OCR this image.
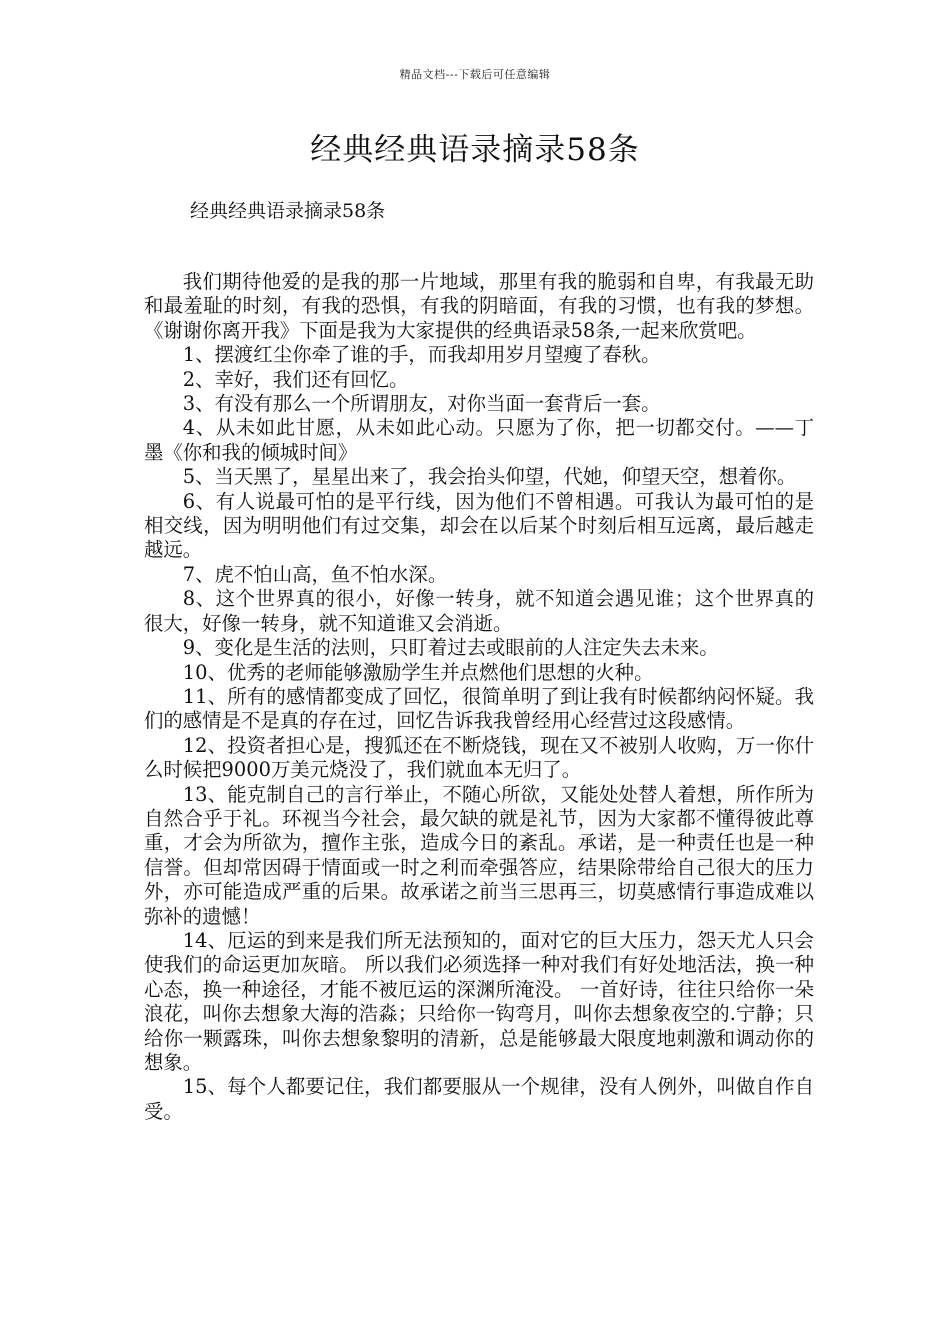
精品文档---下载后可任意编辑
经典经典语录摘录58条

经典经典语录摘录58条

我们期待他爱的是我的那一片地域，那里有我的脆弱和自卑，有我最无助和最羞耻的时刻，有我的恐惧，有我的阴暗面，有我的习惯，也有我的梦想。《谢谢你离开我》下面是我为大家提供的经典语录58条,一起来欣赏吧。

1、摆渡红尘你牵了谁的手，而我却用岁月望瘦了春秋。

2、幸好，我们还有回忆。

3、有没有那么一个所谓朋友，对你当面一套背后一套。

4、从未如此甘愿，从未如此心动。只愿为了你，把一切都交付。——丁墨《你和我的倾城时间》

5、当天黑了，星星出来了，我会抬头仰望，代她，仰望天空，想着你。

6、有人说最可怕的是平行线，因为他们不曾相遇。可我认为最可怕的是相交线，因为明明他们有过交集，却会在以后某个时刻后相互远离，最后越走越远。

7、虎不怕山高，鱼不怕水深。

8、这个世界真的很小，好像一转身，就不知道会遇见谁；这个世界真的很大，好像一转身，就不知道谁又会消逝。

9、变化是生活的法则，只盯着过去或眼前的人注定失去未来。

10、优秀的老师能够激励学生并点燃他们思想的火种。

11、所有的感情都变成了回忆，很简单明了到让我有时候都纳闷怀疑。我们的感情是不是真的存在过，回忆告诉我我曾经用心经营过这段感情。

12、投资者担心是，搜狐还在不断烧钱，现在又不被别人收购，万一你什么时候把9000万美元烧没了，我们就血本无归了。

13、能克制自己的言行举止，不随心所欲，又能处处替人着想，所作所为自然合乎于礼。环视当今社会，最欠缺的就是礼节，因为大家都不懂得彼此尊重，才会为所欲为，擅作主张，造成今日的紊乱。承诺，是一种责任也是一种信誉。但却常因碍于情面或一时之利而牵强答应，结果除带给自己很大的压力外，亦可能造成严重的后果。故承诺之前当三思再三，切莫感情行事造成难以弥补的遗憾！

14、厄运的到来是我们所无法预知的，面对它的巨大压力，怨天尤人只会使我们的命运更加灰暗。 所以我们必须选择一种对我们有好处地活法，换一种心态，换一种途径，才能不被厄运的深渊所淹没。 一首好诗，往往只给你一朵浪花，叫你去想象大海的浩淼；只给你一钩弯月，叫你去想象夜空的.宁静；只给你一颗露珠，叫你去想象黎明的清新，总是能够最大限度地刺激和调动你的想象。

15、每个人都要记住，我们都要服从一个规律，没有人例外，叫做自作自受。
